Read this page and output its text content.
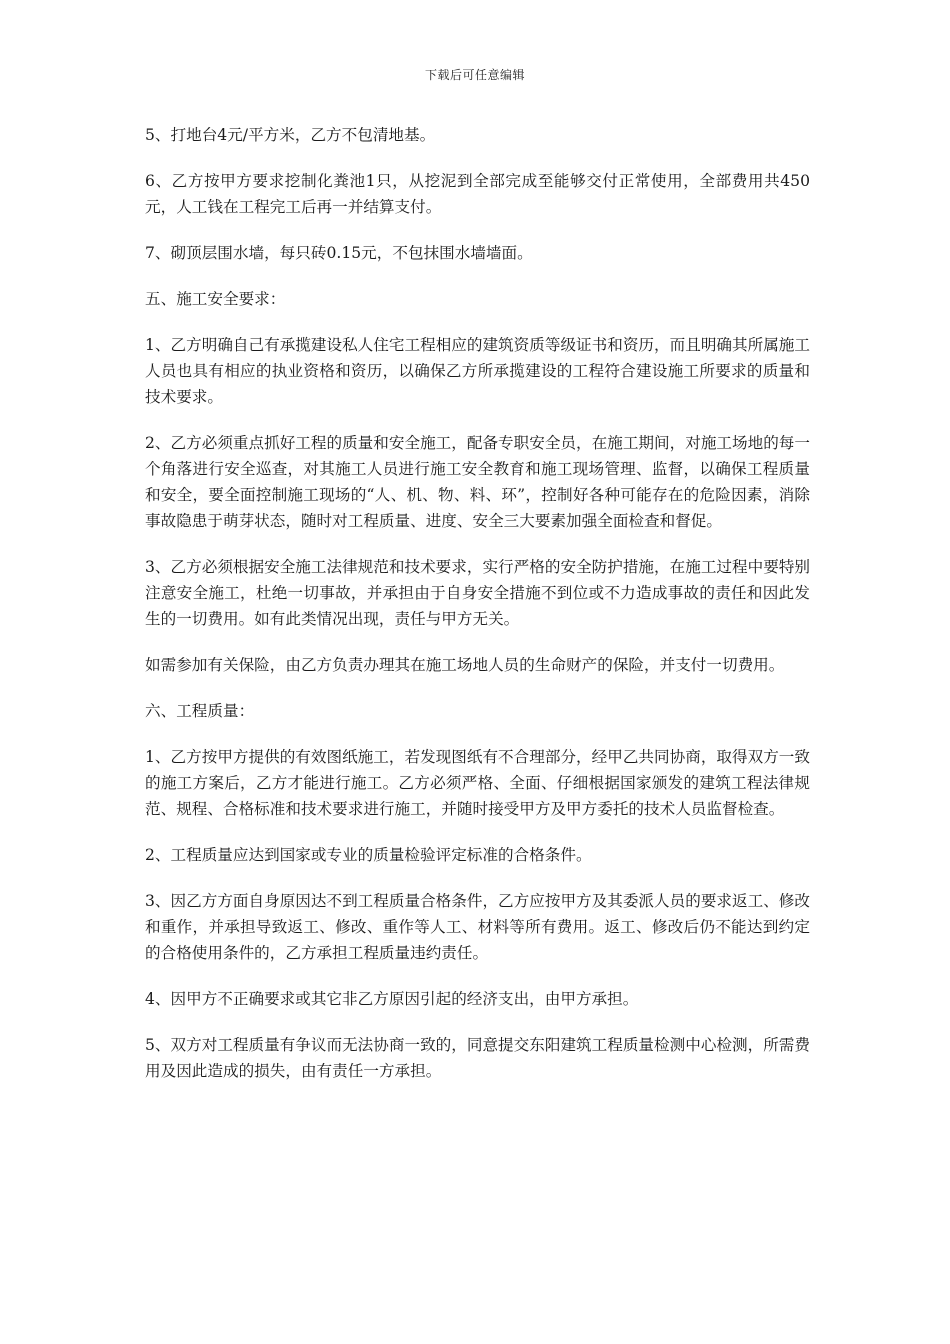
下载后可任意编辑

5、打地台4元/平方米，乙方不包清地基。

6、乙方按甲方要求挖制化粪池1只，从挖泥到全部完成至能够交付正常使用，全部费用共450元，人工钱在工程完工后再一并结算支付。

7、砌顶层围水墙，每只砖0.15元，不包抹围水墙墙面。

五、施工安全要求：

1、乙方明确自己有承揽建设私人住宅工程相应的建筑资质等级证书和资历，而且明确其所属施工人员也具有相应的执业资格和资历，以确保乙方所承揽建设的工程符合建设施工所要求的质量和技术要求。

2、乙方必须重点抓好工程的质量和安全施工，配备专职安全员，在施工期间，对施工场地的每一个角落进行安全巡查，对其施工人员进行施工安全教育和施工现场管理、监督，以确保工程质量和安全，要全面控制施工现场的“人、机、物、料、环”，控制好各种可能存在的危险因素，消除事故隐患于萌芽状态，随时对工程质量、进度、安全三大要素加强全面检查和督促。

3、乙方必须根据安全施工法律规范和技术要求，实行严格的安全防护措施，在施工过程中要特别注意安全施工，杜绝一切事故，并承担由于自身安全措施不到位或不力造成事故的责任和因此发生的一切费用。如有此类情况出现，责任与甲方无关。

如需参加有关保险，由乙方负责办理其在施工场地人员的生命财产的保险，并支付一切费用。

六、工程质量：

1、乙方按甲方提供的有效图纸施工，若发现图纸有不合理部分，经甲乙共同协商，取得双方一致的施工方案后，乙方才能进行施工。乙方必须严格、全面、仔细根据国家颁发的建筑工程法律规范、规程、合格标准和技术要求进行施工，并随时接受甲方及甲方委托的技术人员监督检查。

2、工程质量应达到国家或专业的质量检验评定标准的合格条件。

3、因乙方方面自身原因达不到工程质量合格条件，乙方应按甲方及其委派人员的要求返工、修改和重作，并承担导致返工、修改、重作等人工、材料等所有费用。返工、修改后仍不能达到约定的合格使用条件的，乙方承担工程质量违约责任。

4、因甲方不正确要求或其它非乙方原因引起的经济支出，由甲方承担。

5、双方对工程质量有争议而无法协商一致的，同意提交东阳建筑工程质量检测中心检测，所需费用及因此造成的损失，由有责任一方承担。
